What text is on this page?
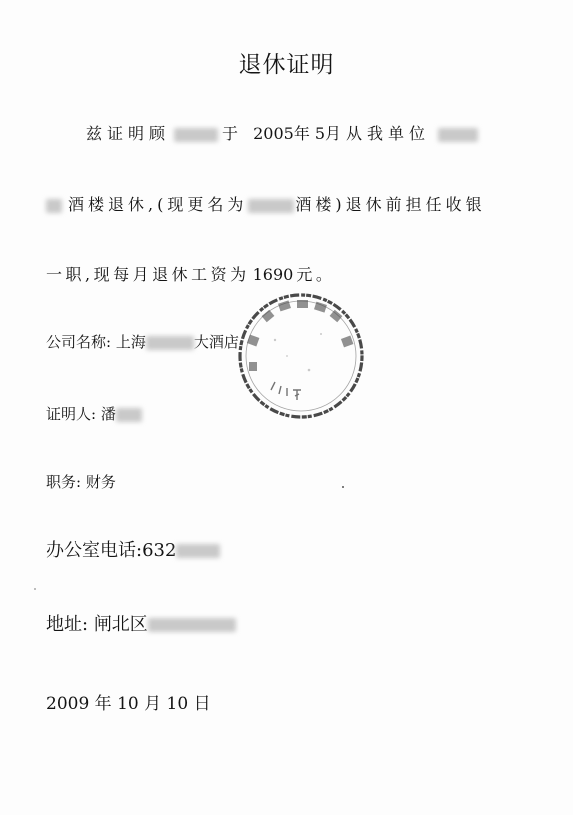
退休证明
兹证明顾	于 2005年5月从我单位
酒楼退休,(现更名为	酒楼)退休前担任收银
一职,现每月退休工资为 1690 元。
公司名称: 上海	大酒店
证明人: 潘
职务: 财务
办公室电话:632
地址: 闸北区
2009 年 10 月 10 日
